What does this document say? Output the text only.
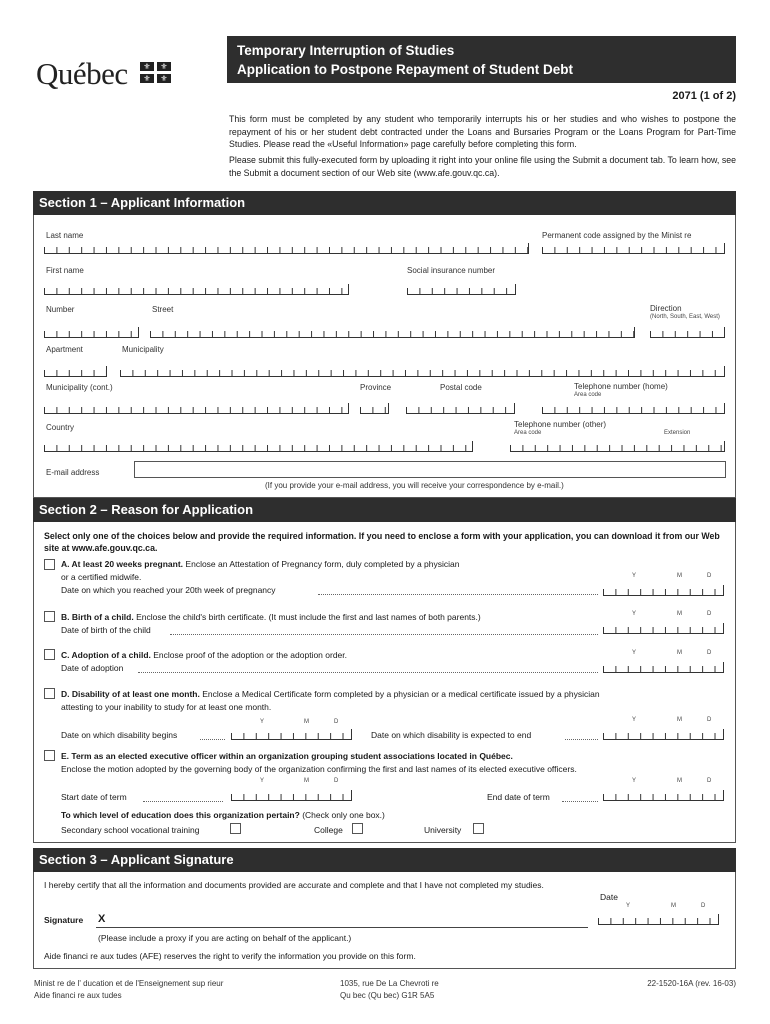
Québec	⚜	⚜
⚜	⚜
Temporary Interruption of Studies
Application to Postpone Repayment of Student Debt
2071 (1 of 2)
This form must be completed by any student who temporarily interrupts his or her studies and who wishes to postpone the repayment of his or her student debt contracted under the Loans and Bursaries Program or the Loans Program for Part-Time Studies. Please read the «Useful Information» page carefully before completing this form.
Please submit this fully-executed form by uploading it right into your online file using the Submit a document tab. To learn how, see the Submit a document section of our Web site (www.afe.gouv.qc.ca).
Section 1 – Applicant Information
Last name	Permanent code assigned by the Minist re
First name	Social insurance number
Number	Street	Direction
(North, South, East, West)
Apartment	Municipality
Municipality (cont.)	Province	Postal code	Telephone number (home)
Area code
Country	Telephone number (other)
Area code	Extension
E-mail address
(If you provide your e-mail address, you will receive your correspondence by e-mail.)
Section 2 – Reason for Application
Select only one of the choices below and provide the required information. If you need to enclose a form with your application, you can download it from our Web site at www.afe.gouv.qc.ca.
A. At least 20 weeks pregnant. Enclose an Attestation of Pregnancy form, duly completed by a physician
or a certified midwife.
Date on which you reached your 20th week of pregnancy
Y	M	D
B. Birth of a child. Enclose the child's birth certificate. (It must include the first and last names of both parents.)
Date of birth of the child
Y	M	D
C. Adoption of a child. Enclose proof of the adoption or the adoption order.
Date of adoption
Y	M	D
D. Disability of at least one month. Enclose a Medical Certificate form completed by a physician or a medical certificate issued by a physician
attesting to your inability to study for at least one month.
Y	M	D
Date on which disability begins	Date on which disability is expected to end
Y	M	D
E. Term as an elected executive officer within an organization grouping student associations located in Québec.
Enclose the motion adopted by the governing body of the organization confirming the first and last names of its elected executive officers.
Y	M	D
Start date of term	End date of term
Y	M	D
To which level of education does this organization pertain? (Check only one box.)
Secondary school vocational training	College	University
Section 3 – Applicant Signature
I hereby certify that all the information and documents provided are accurate and complete and that I have not completed my studies.
Date
Y	M	D
Signature X
(Please include a proxy if you are acting on behalf of the applicant.)
Aide financi re aux tudes (AFE) reserves the right to verify the information you provide on this form.
Minist re de l' ducation et de l'Enseignement sup rieur
Aide financi re aux tudes
1035, rue De La Chevroti re
Qu bec (Qu bec) G1R 5A5
22-1520-16A (rev. 16-03)
